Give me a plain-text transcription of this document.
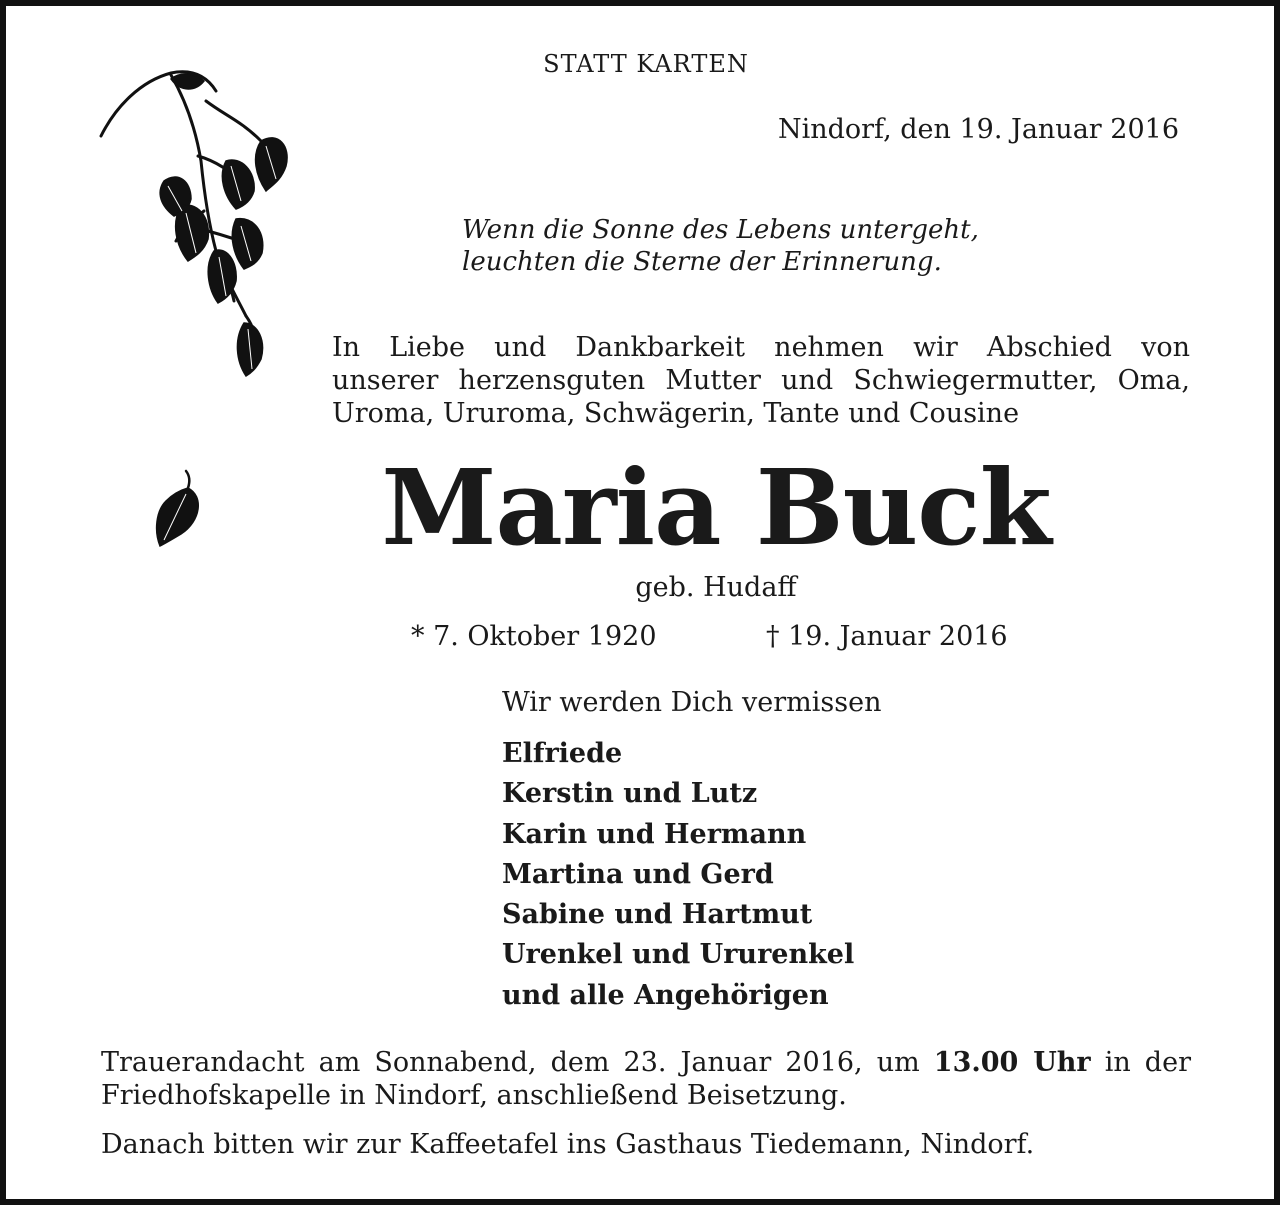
STATT KARTEN

Nindorf, den 19. Januar 2016

Wenn die Sonne des Lebens untergeht,
leuchten die Sterne der Erinnerung.

In Liebe und Dankbarkeit nehmen wir Abschied von
unserer herzensguten Mutter und Schwiegermutter, Oma,
Uroma, Ururoma, Schwägerin, Tante und Cousine

Maria Buck

geb. Hudaff

* 7. Oktober 1920	† 19. Januar 2016

Wir werden Dich vermissen

Elfriede
Kerstin und Lutz
Karin und Hermann
Martina und Gerd
Sabine und Hartmut
Urenkel und Ururenkel
und alle Angehörigen

Trauerandacht am Sonnabend, dem 23. Januar 2016, um 13.00 Uhr in der
Friedhofskapelle in Nindorf, anschließend Beisetzung.

Danach bitten wir zur Kaffeetafel ins Gasthaus Tiedemann, Nindorf.
